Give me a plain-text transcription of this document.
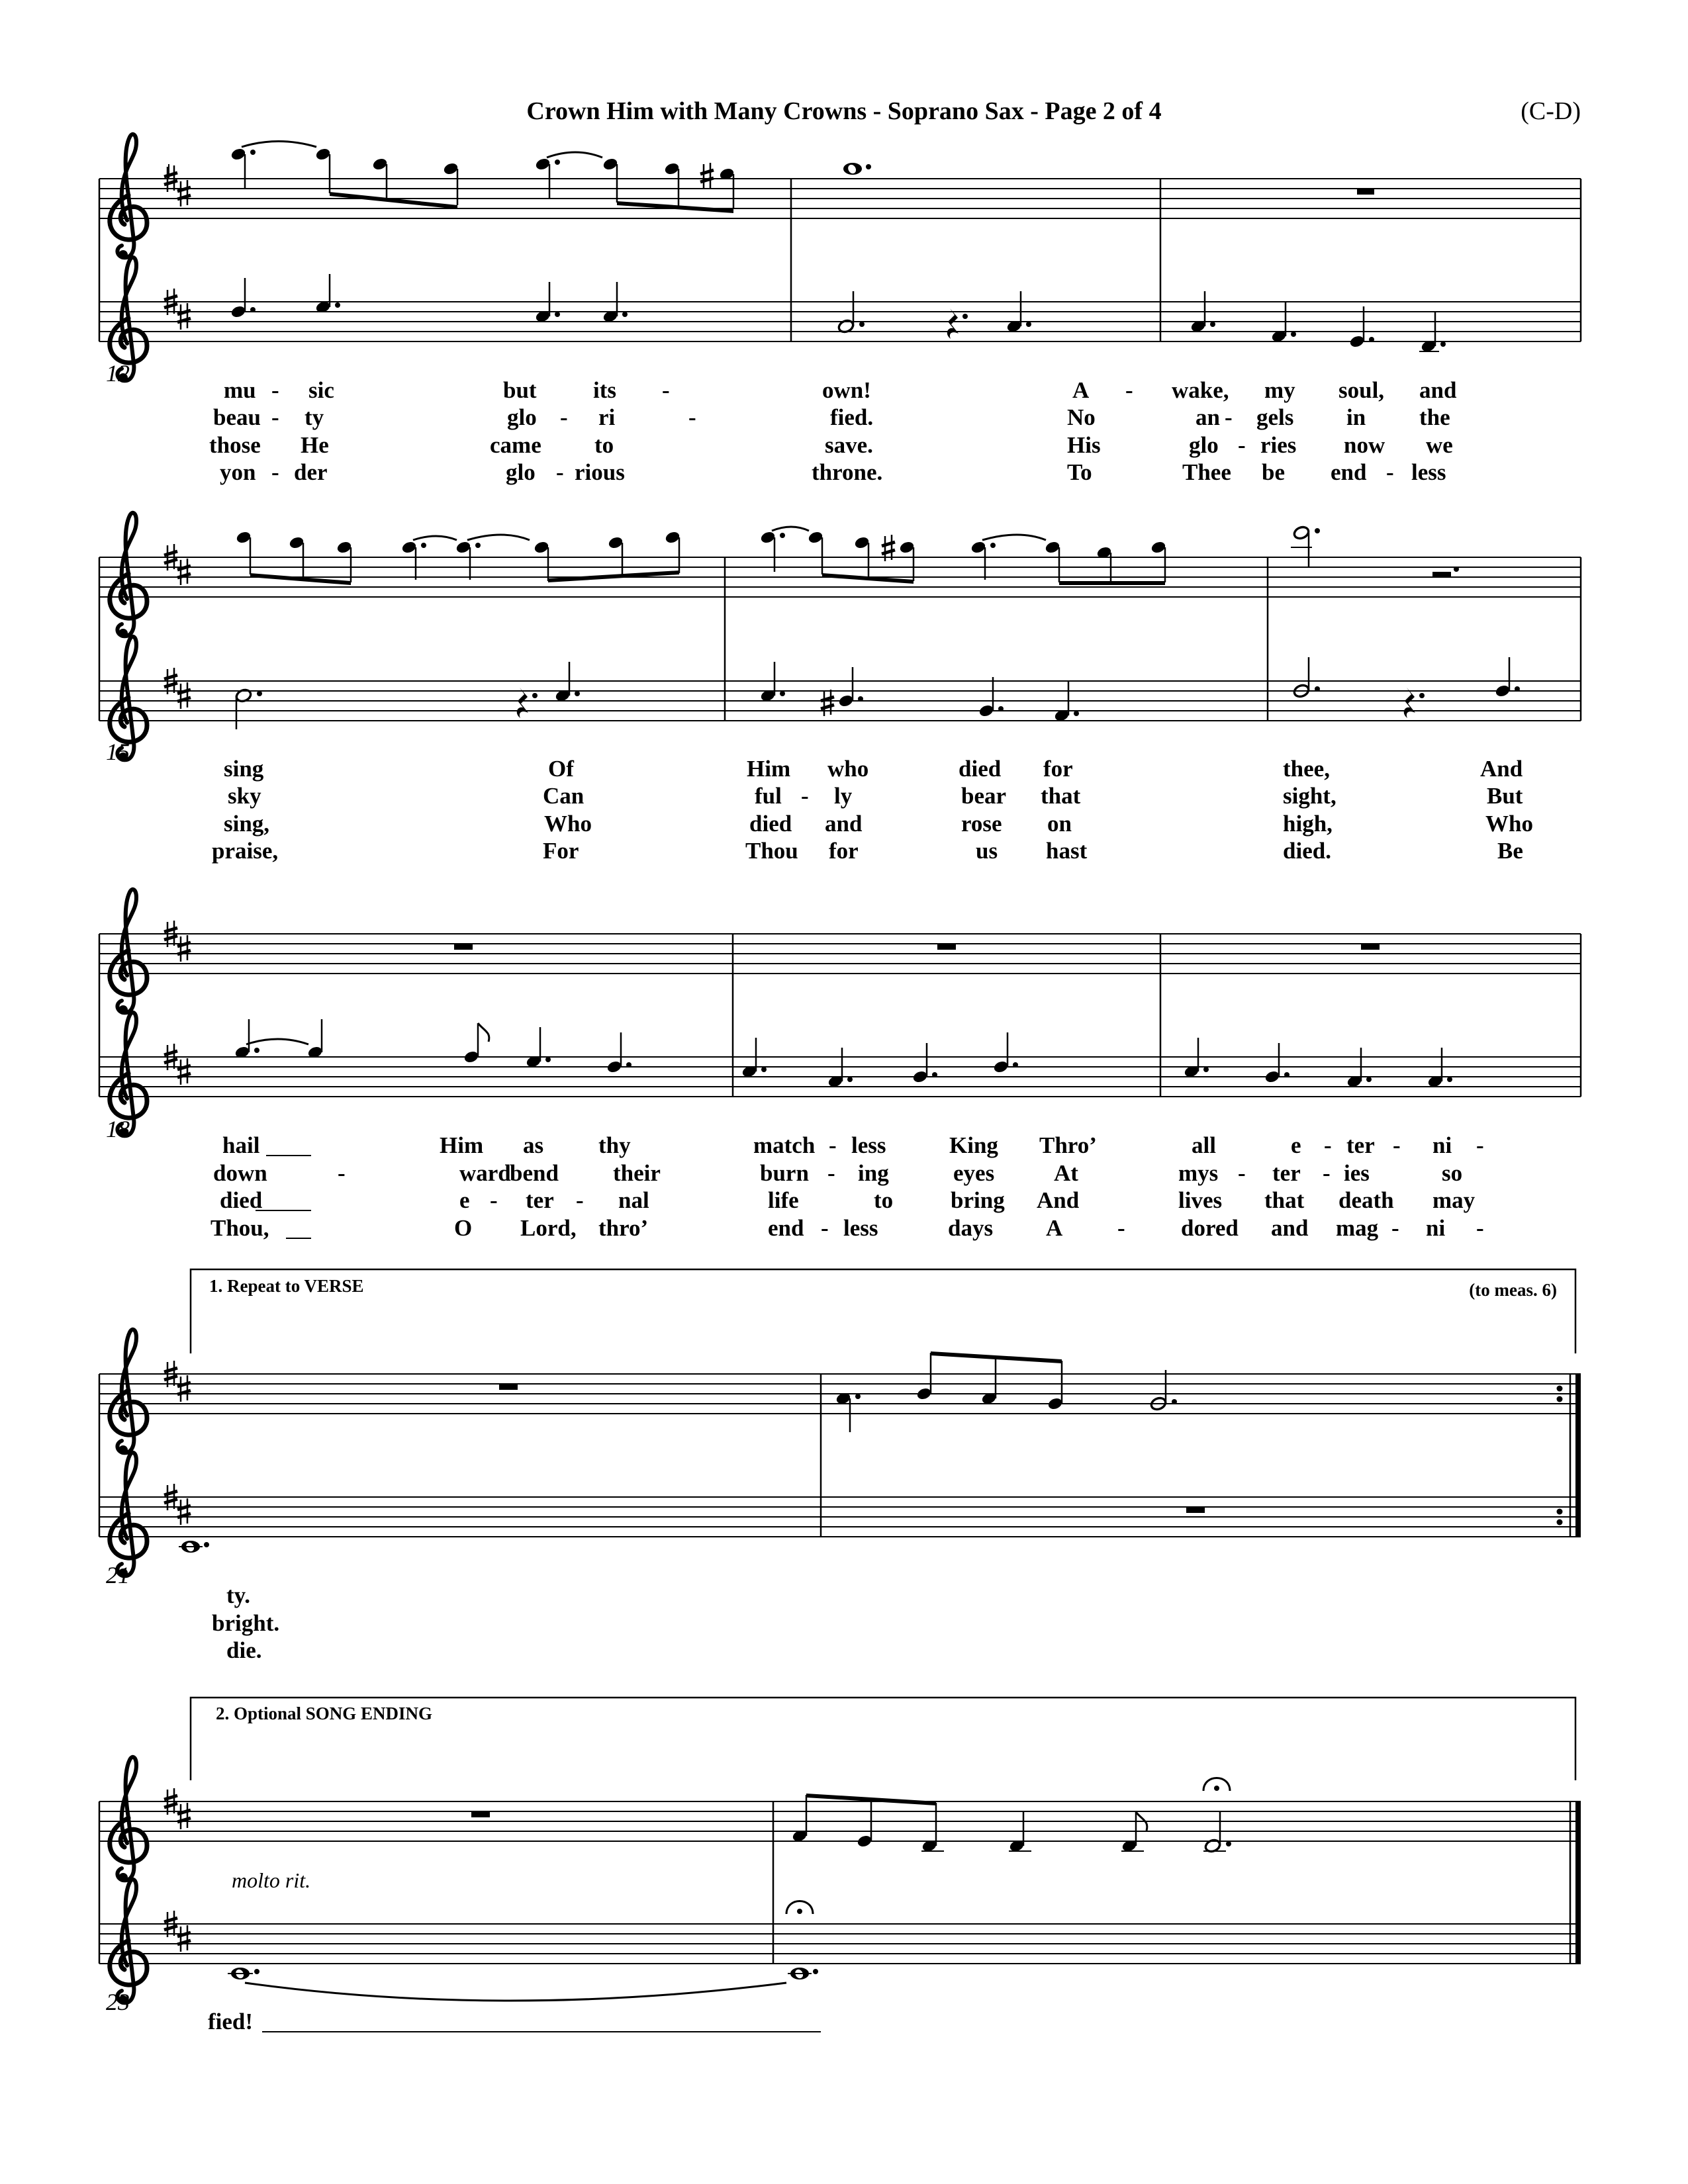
Crown Him with Many Crowns - Soprano Sax - Page 2 of 4	(C-D)
12
mu - sic	but its -	own!	A - wake, my soul, and
beau - ty	glo - ri	-	fied.	No	an - gels in the
those He	came to	save.	His	glo - ries now we
yon - der	glo - rious	throne.	To	Thee be end - less
15
sing	Of	Him who	died for	thee,	And
sky	Can	ful - ly	bear that	sight,	But
sing,	Who	died and	rose on	high,	Who
praise,	For	Thou for	us hast	died.	Be
18
hail	Him as thy	match - less	King Thro’	all	e - ter - ni -
down	-	ward
bend their	burn - ing	eyes	At	mys - ter - ies	so
died	e - ter - nal	life	to bring And	lives that death may
Thou,	O Lord, thro’	end - less	days A - dored and mag - ni -
1. Repeat to VERSE	(to meas. 6)
21
ty.
bright.
die.
2. Optional SONG ENDING
molto rit.
23
fied!
